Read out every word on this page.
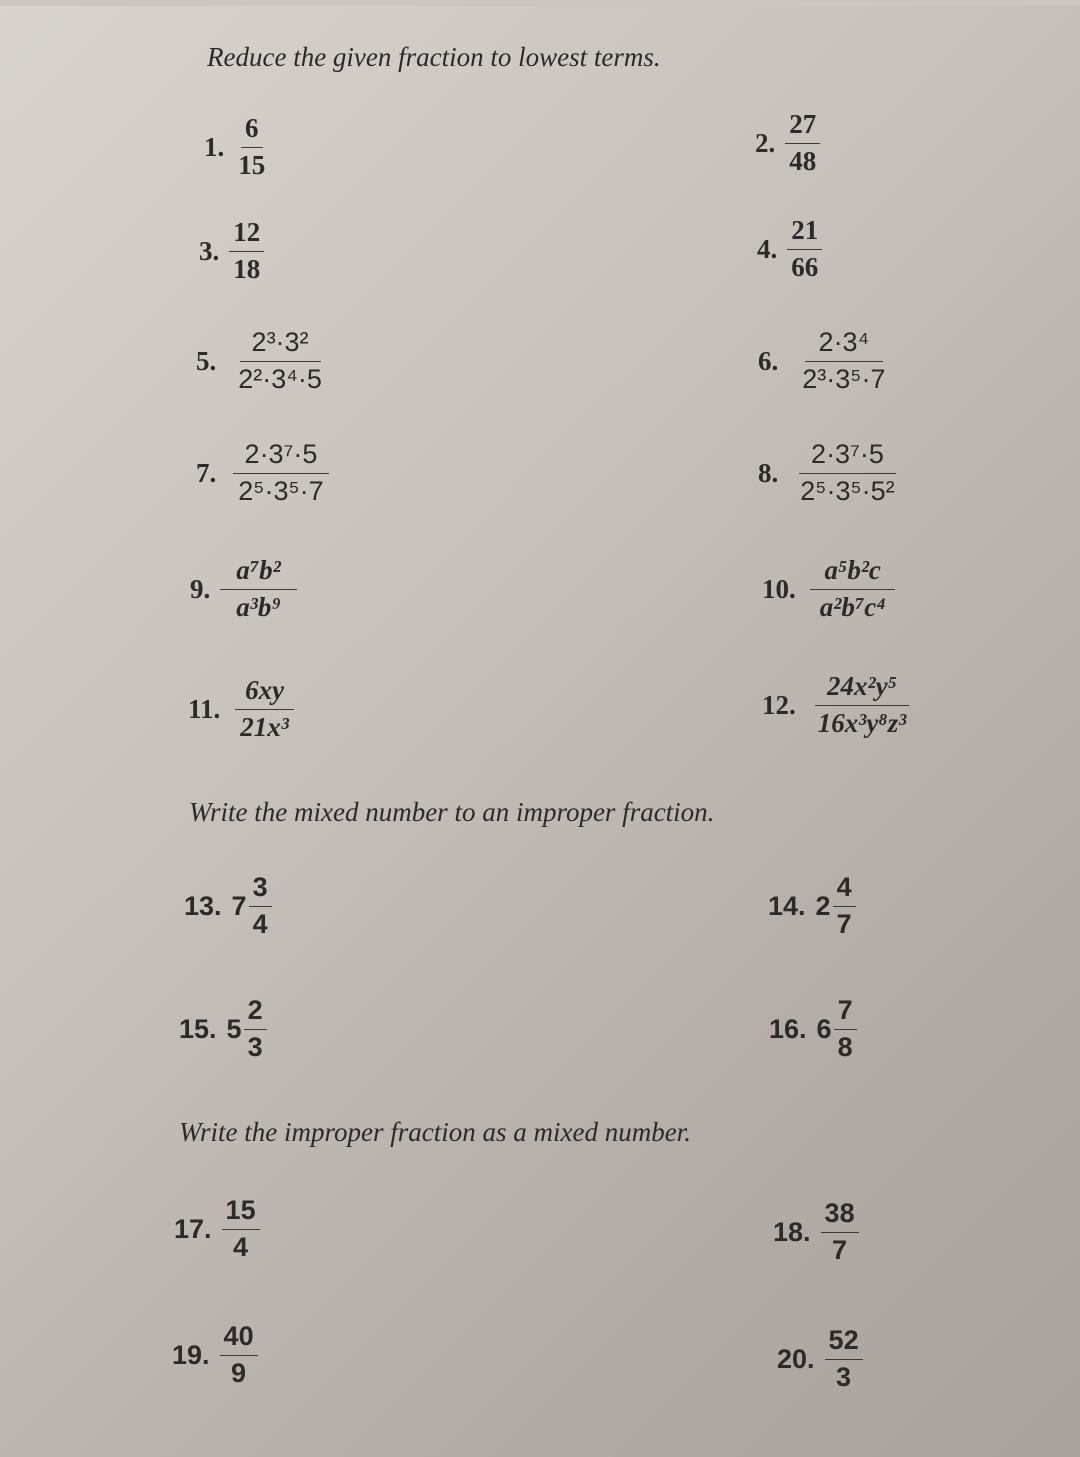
Reduce the given fraction to lowest terms.
1. $\frac{6}{15}$	2. $\frac{27}{48}$
3. $\frac{12}{18}$	4. $\frac{21}{66}$
5. $\frac{\text{2³·3²}}{\text{2²·3⁴·5}}$	6. $\frac{\text{2·3⁴}}{\text{2³·3⁵·7}}$
7. $\frac{\text{2·3⁷·5}}{\text{2⁵·3⁵·7}}$	8. $\frac{\text{2·3⁷·5}}{\text{2⁵·3⁵·5²}}$
9. $\frac{\text{a⁷b²}}{\text{a³b⁹}}$	10. $\frac{\text{a⁵b²c}}{\text{a²b⁷c⁴}}$
11. $\frac{6xy}{\text{21x³}}$	12. $\frac{\text{24x²y⁵}}{\text{16x³y⁸z³}}$
Write the mixed number to an improper fraction.
13. $7 \frac{3}{4}$	14. $2 \frac{4}{7}$
15. $5 \frac{2}{3}$	16. $6 \frac{7}{8}$
Write the improper fraction as a mixed number.
17. $\frac{15}{4}$	18. $\frac{38}{7}$
19. $\frac{40}{9}$	20. $\frac{52}{3}$
